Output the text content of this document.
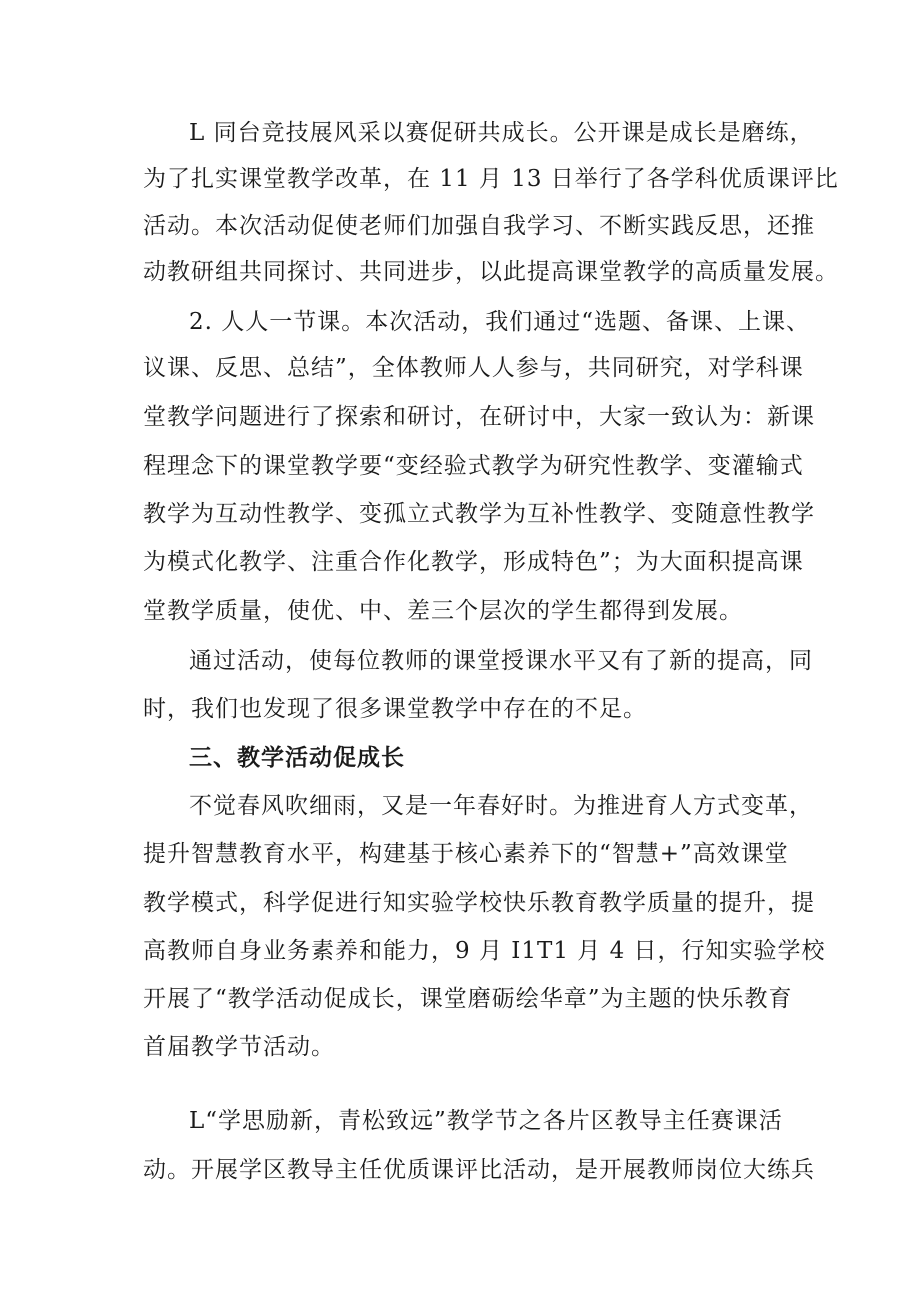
L 同台竞技展风采以赛促研共成长。公开课是成长是磨练，
为了扎实课堂教学改革，在 11 月 13 日举行了各学科优质课评比
活动。本次活动促使老师们加强自我学习、不断实践反思，还推
动教研组共同探讨、共同进步，以此提高课堂教学的高质量发展。
2. 人人一节课。本次活动，我们通过“选题、备课、上课、
议课、反思、总结”，全体教师人人参与，共同研究，对学科课
堂教学问题进行了探索和研讨，在研讨中，大家一致认为：新课
程理念下的课堂教学要“变经验式教学为研究性教学、变灌输式
教学为互动性教学、变孤立式教学为互补性教学、变随意性教学
为模式化教学、注重合作化教学，形成特色”；为大面积提高课
堂教学质量，使优、中、差三个层次的学生都得到发展。
通过活动，使每位教师的课堂授课水平又有了新的提高，同
时，我们也发现了很多课堂教学中存在的不足。
三、教学活动促成长
不觉春风吹细雨，又是一年春好时。为推进育人方式变革，
提升智慧教育水平，构建基于核心素养下的“智慧+”高效课堂
教学模式，科学促进行知实验学校快乐教育教学质量的提升，提
高教师自身业务素养和能力，9 月 I1T1 月 4 日，行知实验学校
开展了“教学活动促成长，课堂磨砺绘华章”为主题的快乐教育
首届教学节活动。
L“学思励新，青松致远”教学节之各片区教导主任赛课活
动。开展学区教导主任优质课评比活动，是开展教师岗位大练兵
